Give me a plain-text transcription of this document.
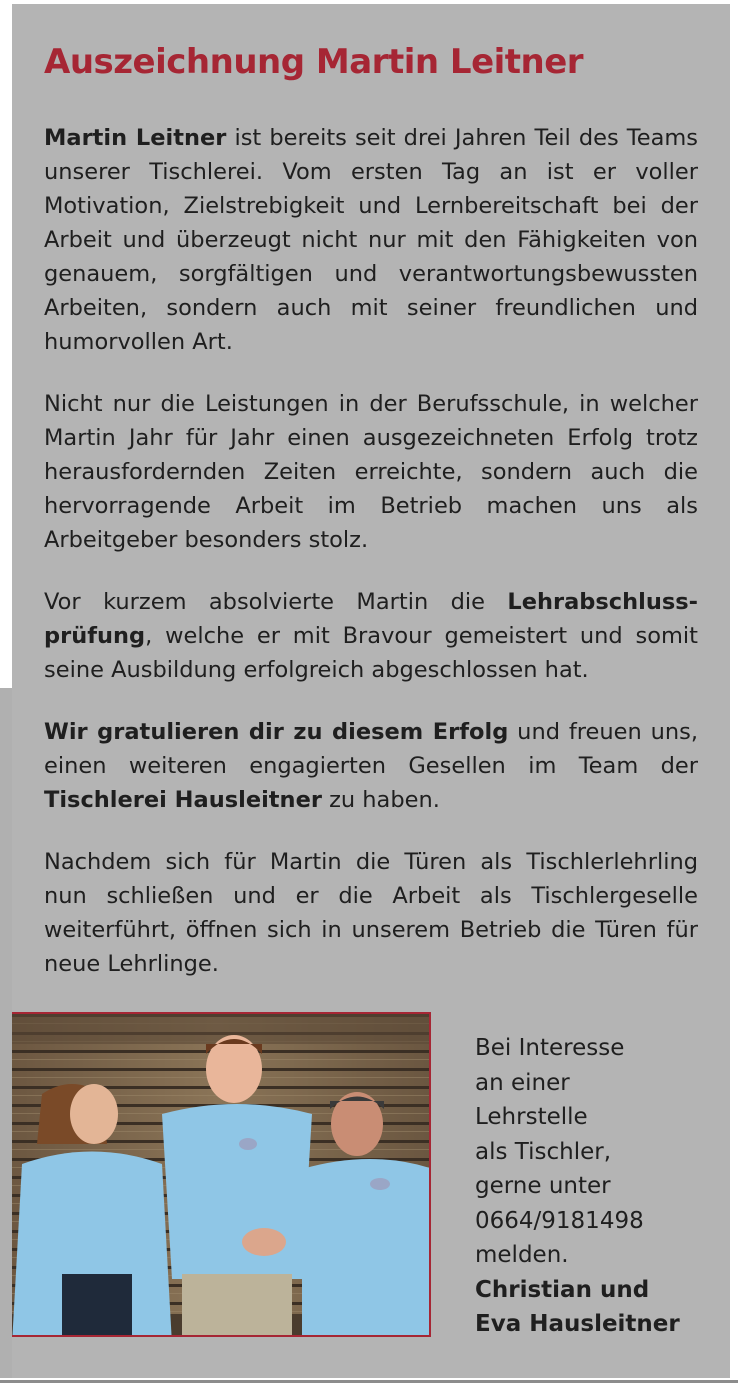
Auszeichnung Martin Leitner

Martin Leitner ist bereits seit drei Jahren Teil des Teams unserer Tischlerei. Vom ersten Tag an ist er voller Motivation, Zielstrebigkeit und Lernbereitschaft bei der Arbeit und überzeugt nicht nur mit den Fähigkeiten von genauem, sorgfältigen und verantwortungsbewussten Arbeiten, sondern auch mit seiner freundlichen und humorvollen Art.

Nicht nur die Leistungen in der Berufsschule, in welcher Martin Jahr für Jahr einen ausgezeichneten Erfolg trotz herausfordernden Zeiten erreichte, sondern auch die hervorragende Arbeit im Betrieb machen uns als Arbeitgeber besonders stolz.

Vor kurzem absolvierte Martin die Lehrabschlussprüfung, welche er mit Bravour gemeistert und somit seine Ausbildung erfolgreich abgeschlossen hat.

Wir gratulieren dir zu diesem Erfolg und freuen uns, einen weiteren engagierten Gesellen im Team der Tischlerei Hausleitner zu haben.

Nachdem sich für Martin die Türen als Tischlerlehrling nun schließen und er die Arbeit als Tischlergeselle weiterführt, öffnen sich in unserem Betrieb die Türen für neue Lehrlinge.

Bei Interesse
an einer
Lehrstelle
als Tischler,
gerne unter
0664/9181498
melden.
Christian und
Eva Hausleitner
